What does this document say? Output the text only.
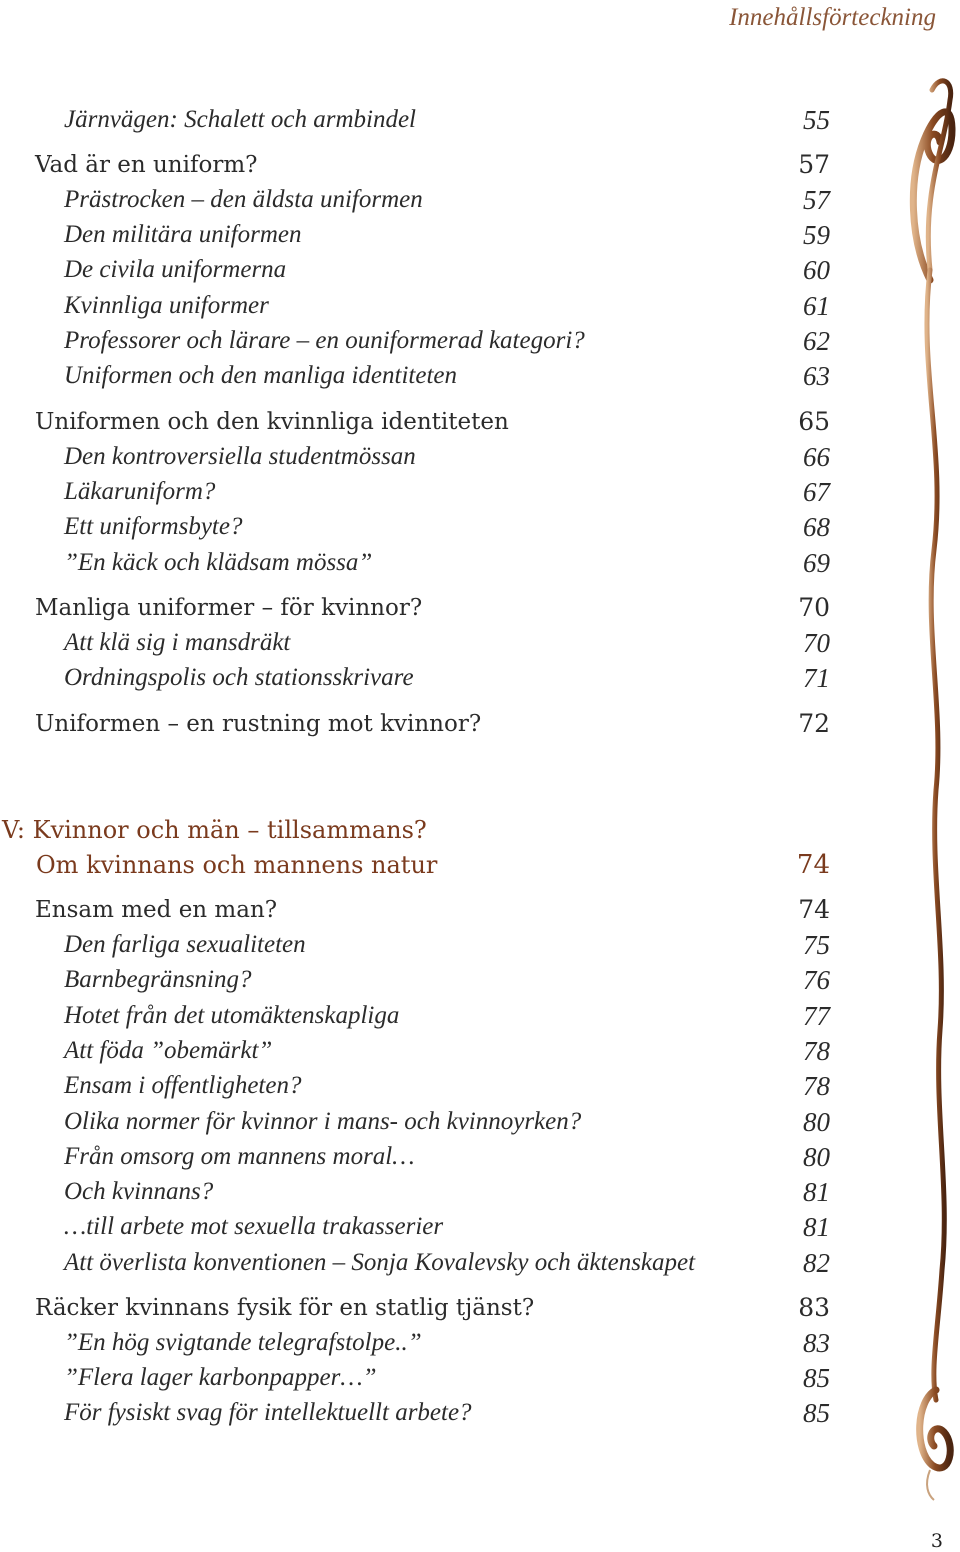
Innehållsförteckning
Järnvägen: Schalett och armbindel	55
Vad är en uniform?	57
Prästrocken – den äldsta uniformen	57
Den militära uniformen	59
De civila uniformerna	60
Kvinnliga uniformer	61
Professorer och lärare – en ouniformerad kategori?	62
Uniformen och den manliga identiteten	63
Uniformen och den kvinnliga identiteten	65
Den kontroversiella studentmössan	66
Läkaruniform?	67
Ett uniformsbyte?	68
”En käck och klädsam mössa”	69
Manliga uniformer – för kvinnor?	70
Att klä sig i mansdräkt	70
Ordningspolis och stationsskrivare	71
Uniformen – en rustning mot kvinnor?	72
V: Kvinnor och män – tillsammans?
Om kvinnans och mannens natur	74
Ensam med en man?	74
Den farliga sexualiteten	75
Barnbegränsning?	76
Hotet från det utomäktenskapliga	77
Att föda ”obemärkt”	78
Ensam i offentligheten?	78
Olika normer för kvinnor i mans- och kvinnoyrken?	80
Från omsorg om mannens moral…	80
Och kvinnans?	81
…till arbete mot sexuella trakasserier	81
Att överlista konventionen – Sonja Kovalevsky och äktenskapet	82
Räcker kvinnans fysik för en statlig tjänst?	83
”En hög svigtande telegrafstolpe..”	83
”Flera lager karbonpapper…”	85
För fysiskt svag för intellektuellt arbete?	85
3
